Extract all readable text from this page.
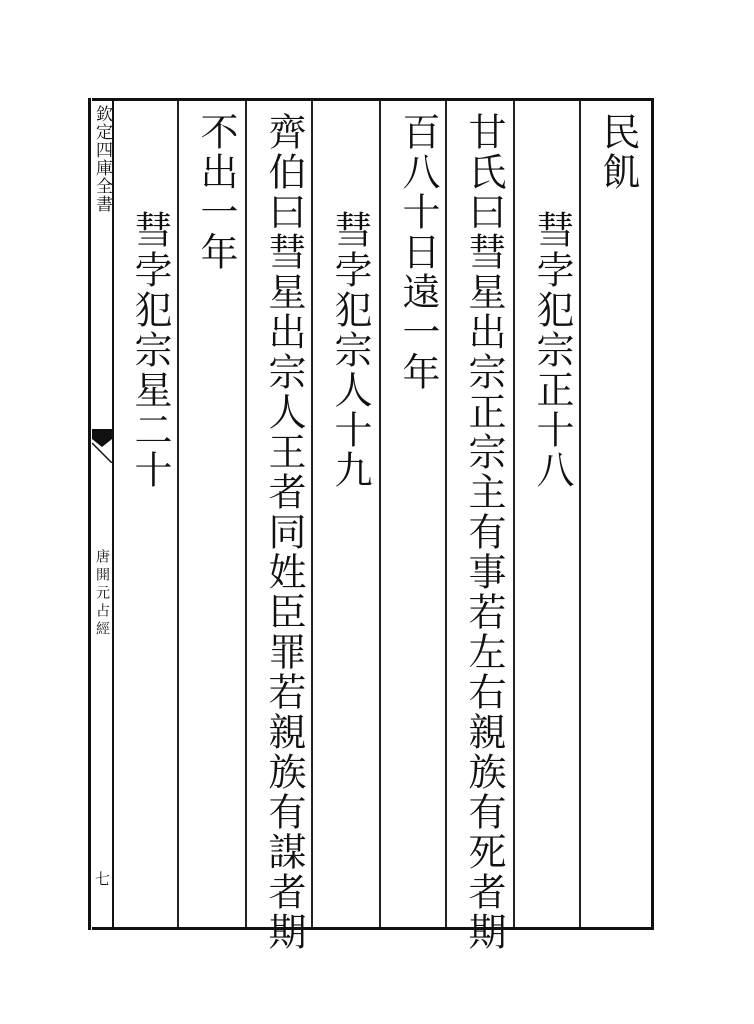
欽定四庫全書
唐開元占經
七
民飢
彗孛犯宗正十八
甘氏曰彗星出宗正宗主有事若左右親族有死者期
百八十日遠一年
彗孛犯宗人十九
齊伯曰彗星出宗人王者同姓臣罪若親族有謀者期
不出一年
彗孛犯宗星二十
